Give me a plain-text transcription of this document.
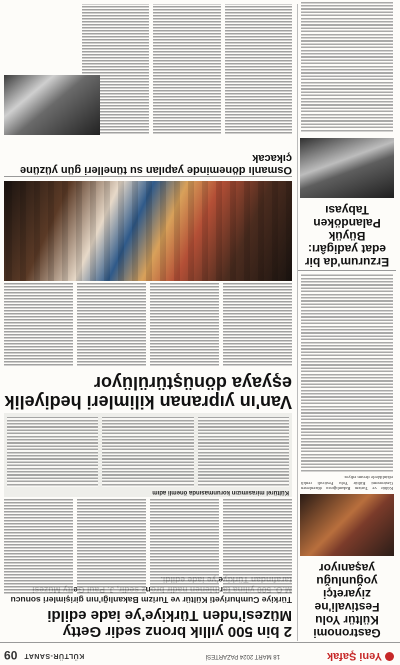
Yeni Şafak
18 MART 2024 PAZARTESİ
KÜLTÜR-SANAT
09
Gastronomi Kültür Yolu Festivali'ne ziyaretçi yoğunluğu yaşanıyor
Kültür ve Turizm Bakanlığınca düzenlenen Gastronomi Kültür Yolu Festivali renkli etkinliklerle devam ediyor.
Erzurum'da bir edat yadigârı: Büyük Palandöken Tabyası
2 bin 500 yıllık bronz sedir Getty Müzesi'nden Türkiye'ye iade edildi
Türkiye Cumhuriyeti Kültür ve Turizm Bakanlığı'nın girişimleri sonucu Getty
Kültürel mirasımızın korunmasında önemli adım
Van'ın yıpranan kilimleri hediyelik eşyaya dönüştürülüyor
Osmanlı döneminde yapılan su tünelleri gün yüzüne çıkacak
